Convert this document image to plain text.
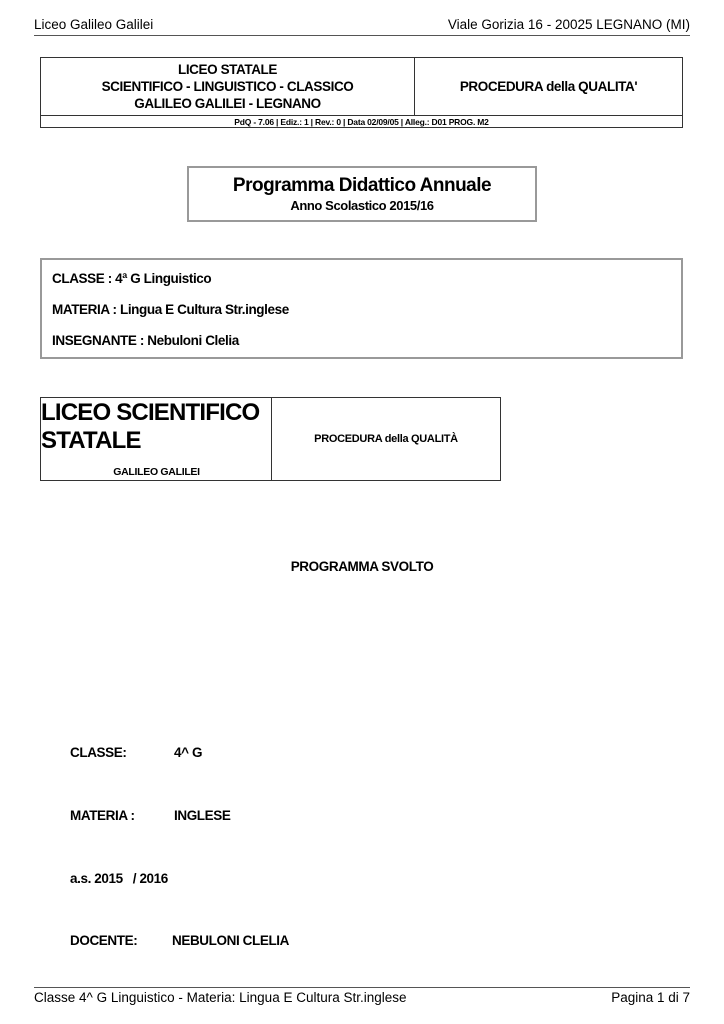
Liceo Galileo Galilei	Viale Gorizia 16 - 20025 LEGNANO (MI)
LICEO STATALE
SCIENTIFICO - LINGUISTICO - CLASSICO
GALILEO GALILEI - LEGNANO
PROCEDURA della QUALITA'
PdQ - 7.06 | Ediz.: 1 | Rev.: 0 | Data 02/09/05 | Alleg.: D01 PROG. M2
Programma Didattico Annuale
Anno Scolastico 2015/16
CLASSE : 4ª G Linguistico
MATERIA : Lingua E Cultura Str.inglese
INSEGNANTE : Nebuloni Clelia
LICEO SCIENTIFICO
STATALE
GALILEO GALILEI
PROCEDURA della QUALITÀ
PROGRAMMA SVOLTO
CLASSE:	4^ G
MATERIA :	INGLESE
a.s. 2015   / 2016
DOCENTE:	NEBULONI CLELIA
Classe 4^ G Linguistico - Materia: Lingua E Cultura Str.inglese	Pagina 1 di 7
